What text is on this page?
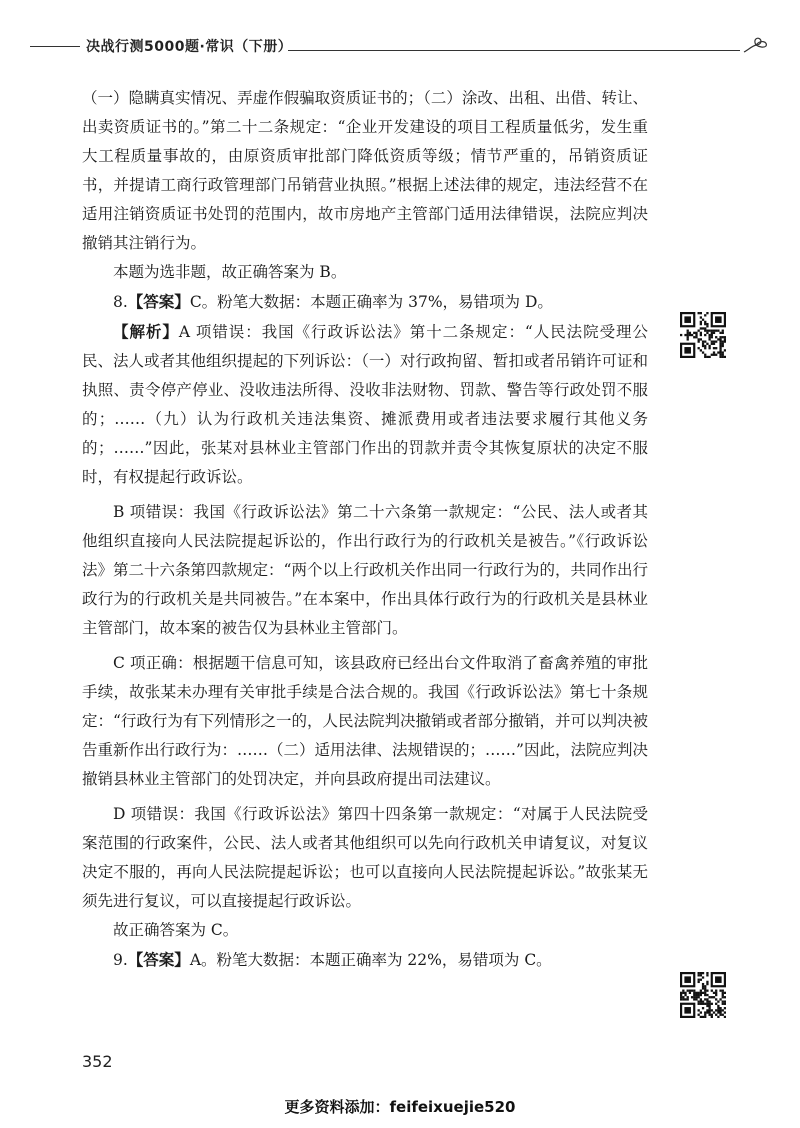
决战行测5000题·常识（下册）

（一）隐瞒真实情况、弄虚作假骗取资质证书的；（二）涂改、出租、出借、转让、出卖资质证书的。”第二十二条规定：“企业开发建设的项目工程质量低劣，发生重大工程质量事故的，由原资质审批部门降低资质等级；情节严重的，吊销资质证书，并提请工商行政管理部门吊销营业执照。”根据上述法律的规定，违法经营不在适用注销资质证书处罚的范围内，故市房地产主管部门适用法律错误，法院应判决撤销其注销行为。

本题为选非题，故正确答案为 B。

8.【答案】C。粉笔大数据：本题正确率为 37%，易错项为 D。

【解析】A 项错误：我国《行政诉讼法》第十二条规定：“人民法院受理公民、法人或者其他组织提起的下列诉讼：（一）对行政拘留、暂扣或者吊销许可证和执照、责令停产停业、没收违法所得、没收非法财物、罚款、警告等行政处罚不服的；……（九）认为行政机关违法集资、摊派费用或者违法要求履行其他义务的；……”因此，张某对县林业主管部门作出的罚款并责令其恢复原状的决定不服时，有权提起行政诉讼。

B 项错误：我国《行政诉讼法》第二十六条第一款规定：“公民、法人或者其他组织直接向人民法院提起诉讼的，作出行政行为的行政机关是被告。”《行政诉讼法》第二十六条第四款规定：“两个以上行政机关作出同一行政行为的，共同作出行政行为的行政机关是共同被告。”在本案中，作出具体行政行为的行政机关是县林业主管部门，故本案的被告仅为县林业主管部门。

C 项正确：根据题干信息可知，该县政府已经出台文件取消了畜禽养殖的审批手续，故张某未办理有关审批手续是合法合规的。我国《行政诉讼法》第七十条规定：“行政行为有下列情形之一的，人民法院判决撤销或者部分撤销，并可以判决被告重新作出行政行为：……（二）适用法律、法规错误的；……”因此，法院应判决撤销县林业主管部门的处罚决定，并向县政府提出司法建议。

D 项错误：我国《行政诉讼法》第四十四条第一款规定：“对属于人民法院受案范围的行政案件，公民、法人或者其他组织可以先向行政机关申请复议，对复议决定不服的，再向人民法院提起诉讼；也可以直接向人民法院提起诉讼。”故张某无须先进行复议，可以直接提起行政诉讼。

故正确答案为 C。

9.【答案】A。粉笔大数据：本题正确率为 22%，易错项为 C。

352
更多资料添加：feifeixuejie520
